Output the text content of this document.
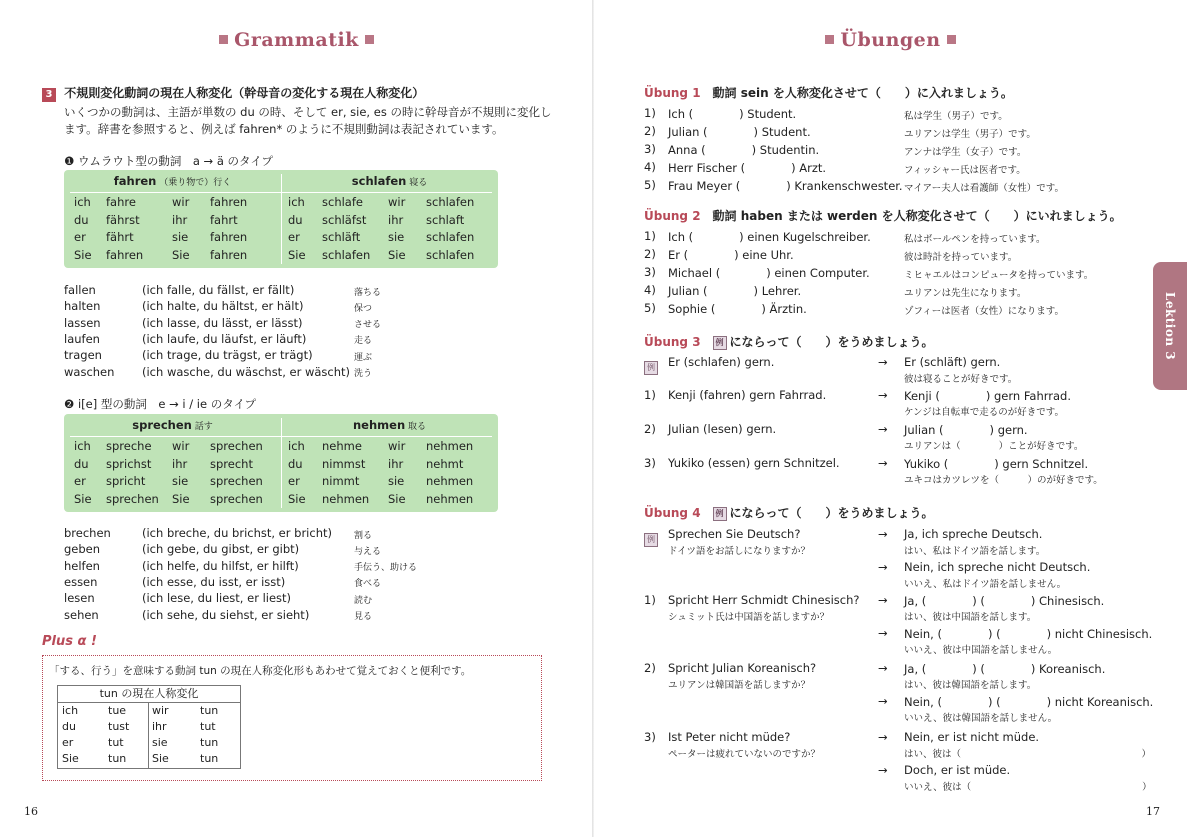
Grammatik
3 不規則変化動詞の現在人称変化（幹母音の変化する現在人称変化）
いくつかの動詞は、主語が単数の du の時、そして er, sie, es の時に幹母音が不規則に変化し
ます。辞書を参照すると、例えば fahren* のように不規則動詞は表記されています。
❶ ウムラウト型の動詞　a → ä のタイプ
fahren （乗り物で）行く	schlafen 寝る
ich fahre	wir fahren	ich schlafe wir schlafen
du fährst	ihr fahrt	du schläfst ihr schlaft
er fährt	sie fahren	er schläft sie schlafen
Sie fahren	Sie fahren	Sie schlafen Sie schlafen
fallen	(ich falle, du fällst, er fällt)	落ちる
halten	(ich halte, du hältst, er hält)	保つ
lassen	(ich lasse, du lässt, er lässt)	させる
laufen	(ich laufe, du läufst, er läuft)	走る
tragen	(ich trage, du trägst, er trägt)	運ぶ
waschen (ich wasche, du wäschst, er wäscht) 洗う
❷ i[e] 型の動詞　e → i / ie のタイプ
sprechen 話す	nehmen 取る
ich spreche wir sprechen ich nehme wir nehmen
du sprichst ihr sprecht	du nimmst ihr nehmt
er spricht sie sprechen er nimmt sie nehmen
Sie sprechen Sie sprechen Sie nehmen Sie nehmen
brechen	(ich breche, du brichst, er bricht) 割る
geben	(ich gebe, du gibst, er gibt)	与える
helfen	(ich helfe, du hilfst, er hilft)	手伝う、助ける
essen	(ich esse, du isst, er isst)	食べる
lesen	(ich lese, du liest, er liest)	読む
sehen	(ich sehe, du siehst, er sieht)	見る
Plus α !
「する、行う」を意味する動詞 tun の現在人称変化形もあわせて覚えておくと便利です。
tun の現在人称変化
ich	tue wir	tun
du	tust ihr	tut
er	tut	sie	tun
Sie	tun Sie	tun
16
Übungen
Übung 1 動詞 sein を人称変化させて（　　）に入れましょう。
1) Ich (　　　　) Student.	私は学生（男子）です。
2) Julian (　　　　) Student.	ユリアンは学生（男子）です。
3) Anna (　　　　) Studentin.	アンナは学生（女子）です。
4) Herr Fischer (　　　　) Arzt.	フィッシャー氏は医者です。
5) Frau Meyer (　　　　) Krankenschwester. マイアー夫人は看護師（女性）です。
Übung 2 動詞 haben または werden を人称変化させて（　　）にいれましょう。
1) Ich (　　　　) einen Kugelschreiber.	私はボールペンを持っています。
2) Er (　　　　) eine Uhr.	彼は時計を持っています。
3) Michael (　　　　) einen Computer.	ミヒャエルはコンピュータを持っています。
4) Julian (　　　　) Lehrer.	ユリアンは先生になります。
5) Sophie (　　　　) Ärztin.	ゾフィーは医者（女性）になります。
Übung 3 例 にならって（　　）をうめましょう。
例	Er (schlafen) gern.	→ Er (schläft) gern.
彼は寝ることが好きです。
1) Kenji (fahren) gern Fahrrad.	→ Kenji (　　　　) gern Fahrrad.
ケンジは自転車で走るのが好きです。
2) Julian (lesen) gern.	→ Julian (　　　　) gern.
ユリアンは（　　　　）ことが好きです。
3) Yukiko (essen) gern Schnitzel.	→ Yukiko (　　　　) gern Schnitzel.
ユキコはカツレツを（　　　）のが好きです。
Übung 4 例 にならって（　　）をうめましょう。
例	Sprechen Sie Deutsch?
ドイツ語をお話しになりますか？
→ Ja, ich spreche Deutsch.
はい、私はドイツ語を話します。
→ Nein, ich spreche nicht Deutsch.
いいえ、私はドイツ語を話しません。
1) Spricht Herr Schmidt Chinesisch?
シュミット氏は中国語を話しますか？
→ Ja, (　　　　) (　　　　) Chinesisch.
はい、彼は中国語を話します。
→ Nein, (　　　　) (　　　　) nicht Chinesisch.
いいえ、彼は中国語を話しません。
2) Spricht Julian Koreanisch?
ユリアンは韓国語を話しますか？
→ Ja, (　　　　) (　　　　) Koreanisch.
はい、彼は韓国語を話します。
→ Nein, (　　　　) (　　　　) nicht Koreanisch.
いいえ、彼は韓国語を話しません。
3) Ist Peter nicht müde?
ペーターは疲れていないのですか？
→ Nein, er ist nicht müde.
はい、彼は（　　　　　　　　　　　　　　　　　　　）
→ Doch, er ist müde.
いいえ、彼は（　　　　　　　　　　　　　　　　　　）
17
Lektion 3
